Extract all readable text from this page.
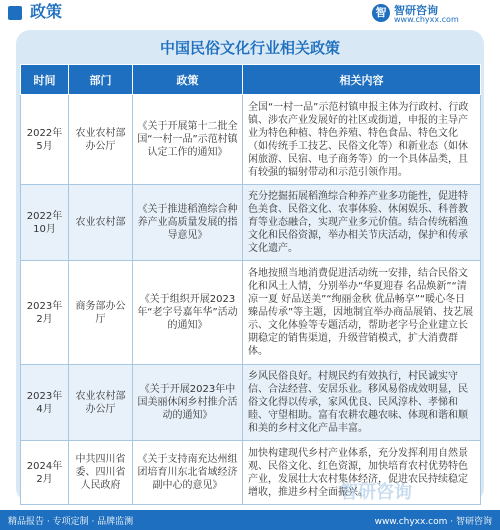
政策	智 智研咨询
www.chyxx.com
中国民俗文化行业相关政策
时间	部门	政策	相关内容
2022年5月	农业农村部办公厅	《关于开展第十二批全国“一村一品”示范村镇认定工作的通知》	全国“一村一品”示范村镇申报主体为行政村、行政镇、涉农产业发展好的社区或街道，申报的主导产业为特色种植、特色养殖、特色食品、特色文化（如传统手工技艺、民俗文化等）和新业态（如休闲旅游、民宿、电子商务等）的一个具体品类，且有较强的辐射带动和示范引领作用。
2022年10月	农业农村部	《关于推进稻渔综合种养产业高质量发展的指导意见》	充分挖掘拓展稻渔综合种养产业多功能性，促进特色美食、民俗文化、农事体验、休闲娱乐、科普教育等业态融合，实现产业多元价值。结合传统稻渔文化和民俗资源，举办相关节庆活动，保护和传承文化遗产。
2023年2月	商务部办公厅	《关于组织开展2023年“老字号嘉年华”活动的通知》	各地按照当地消费促进活动统一安排，结合民俗文化和风土人情，分别举办“华夏迎春 名品焕新”“清凉一夏 好品送美”“绚丽金秋 优品畅享”“暖心冬日 臻品传承”等主题，因地制宜举办商品展销、技艺展示、文化体验等专题活动，帮助老字号企业建立长期稳定的销售渠道，升级营销模式，扩大消费群体。
2023年4月	农业农村部办公厅	《关于开展2023年中国美丽休闲乡村推介活动的通知》	乡风民俗良好。村规民约有效执行，村民诚实守信、合法经营、安居乐业。移风易俗成效明显，民俗文化得以传承，家风优良、民风淳朴、孝悌和睦、守望相助。富有农耕农趣农味、体现和谐和顺和美的乡村文化产品丰富。
2024年2月	中共四川省委、四川省人民政府	《关于支持南充达州组团培育川东北省域经济副中心的意见》	加快构建现代乡村产业体系，充分发挥利用自然景观、民俗文化、红色资源，加快培育农村优势特色产业，发展壮大农村集体经济，促进农民持续稳定增收，推进乡村全面振兴。
智研咨询
精品报告 · 专项定制 · 品牌监测	www.chyxx.com · 智研咨询
